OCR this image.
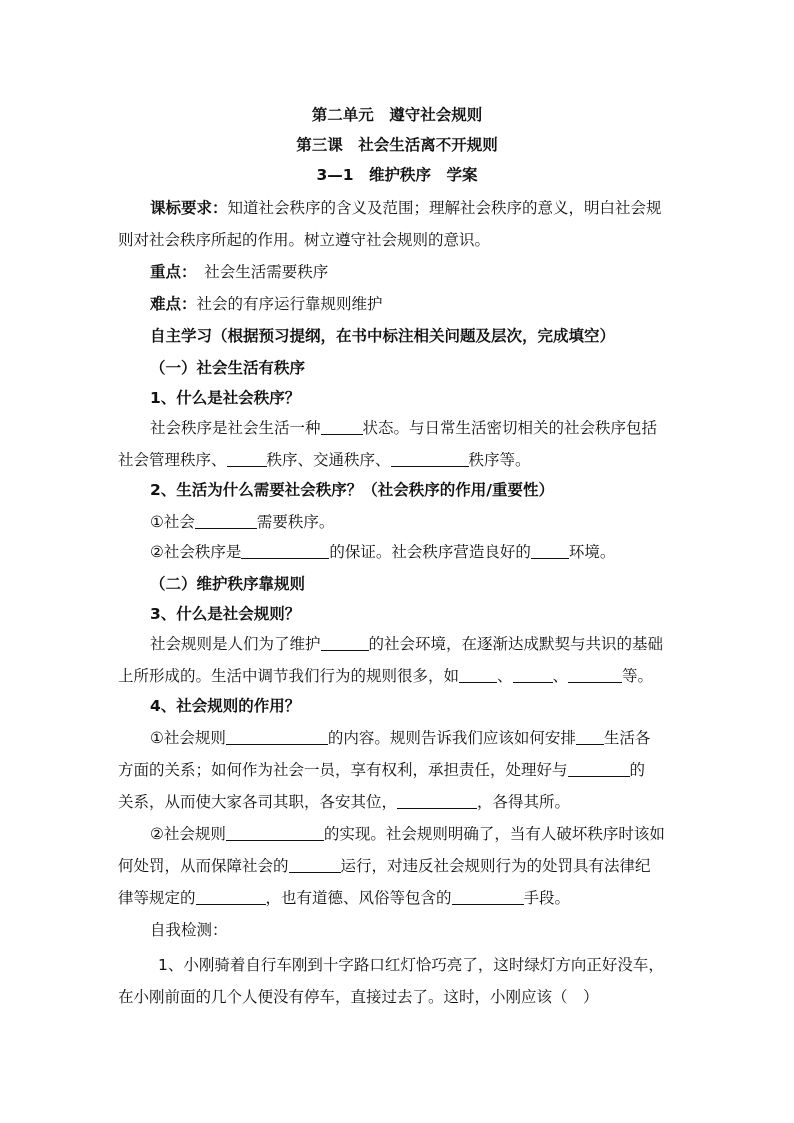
第二单元　遵守社会规则
第三课　社会生活离不开规则
3—1　维护秩序　学案
课标要求：知道社会秩序的含义及范围；理解社会秩序的意义，明白社会规
则对社会秩序所起的作用。树立遵守社会规则的意识。
重点：　社会生活需要秩序
难点：社会的有序运行靠规则维护
自主学习（根据预习提纲，在书中标注相关问题及层次，完成填空）
（一）社会生活有秩序
1、什么是社会秩序？
社会秩序是社会生活一种	状态。与日常生活密切相关的社会秩序包括
社会管理秩序、	秩序、交通秩序、	秩序等。
2、生活为什么需要社会秩序？（社会秩序的作用/重要性）
①社会	需要秩序。
②社会秩序是	的保证。社会秩序营造良好的 环境。
（二）维护秩序靠规则
3、什么是社会规则？
社会规则是人们为了维护	的社会环境，在逐渐达成默契与共识的基础
上所形成的。生活中调节我们行为的规则很多，如 、	、	等。
4、社会规则的作用？
①社会规则	的内容。规则告诉我们应该如何安排 生活各
方面的关系；如何作为社会一员，享有权利，承担责任，处理好与	的
关系，从而使大家各司其职，各安其位，	，各得其所。
②社会规则	的实现。社会规则明确了，当有人破坏秩序时该如
何处罚，从而保障社会的	运行，对违反社会规则行为的处罚具有法律纪
律等规定的	，也有道德、风俗等包含的	手段。
自我检测：
1、小刚骑着自行车刚到十字路口红灯恰巧亮了，这时绿灯方向正好没车，
在小刚前面的几个人便没有停车，直接过去了。这时，小刚应该（　）
